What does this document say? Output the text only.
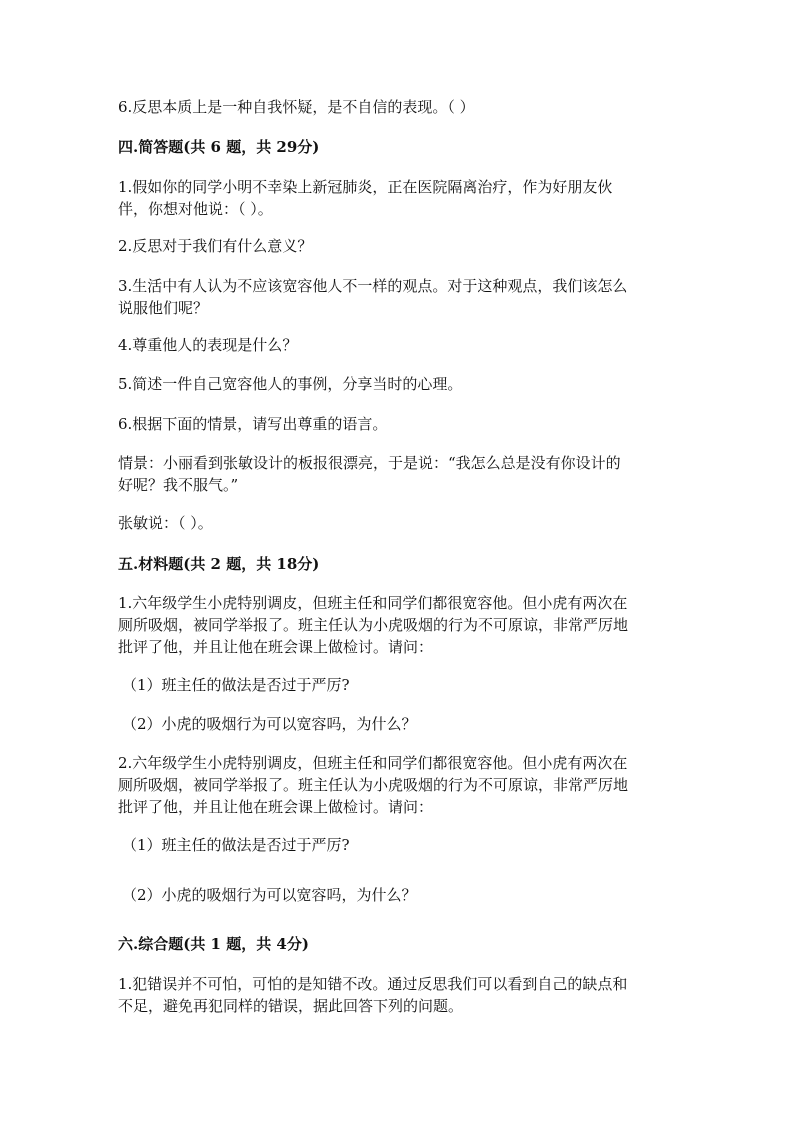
6.反思本质上是一种自我怀疑，是不自信的表现。（ ）
四.简答题(共 6 题，共 29分)
1.假如你的同学小明不幸染上新冠肺炎，正在医院隔离治疗，作为好朋友伙
伴，你想对他说：（ ）。
2.反思对于我们有什么意义？
3.生活中有人认为不应该宽容他人不一样的观点。对于这种观点，我们该怎么
说服他们呢？
4.尊重他人的表现是什么？
5.简述一件自己宽容他人的事例，分享当时的心理。
6.根据下面的情景，请写出尊重的语言。
情景：小丽看到张敏设计的板报很漂亮，于是说：“我怎么总是没有你设计的
好呢？我不服气。”
张敏说：（ ）。
五.材料题(共 2 题，共 18分)
1.六年级学生小虎特别调皮，但班主任和同学们都很宽容他。但小虎有两次在
厕所吸烟，被同学举报了。班主任认为小虎吸烟的行为不可原谅，非常严厉地
批评了他，并且让他在班会课上做检讨。请问：
（1）班主任的做法是否过于严厉?
（2）小虎的吸烟行为可以宽容吗，为什么？
2.六年级学生小虎特别调皮，但班主任和同学们都很宽容他。但小虎有两次在
厕所吸烟，被同学举报了。班主任认为小虎吸烟的行为不可原谅，非常严厉地
批评了他，并且让他在班会课上做检讨。请问：
（1）班主任的做法是否过于严厉?
（2）小虎的吸烟行为可以宽容吗，为什么？
六.综合题(共 1 题，共 4分)
1.犯错误并不可怕，可怕的是知错不改。通过反思我们可以看到自己的缺点和
不足，避免再犯同样的错误，据此回答下列的问题。
